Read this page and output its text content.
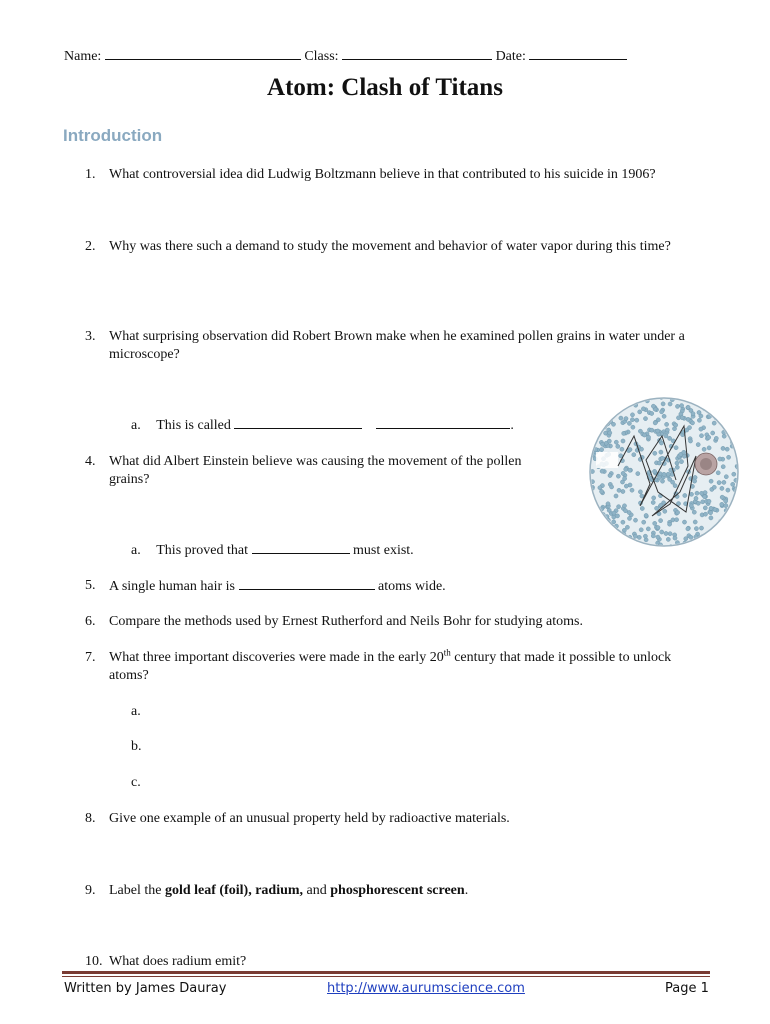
Name:	Class:	Date:
Atom: Clash of Titans
Introduction
1. What controversial idea did Ludwig Boltzmann believe in that contributed to his suicide in 1906?
2. Why was there such a demand to study the movement and behavior of water vapor during this time?
3. What surprising observation did Robert Brown make when he examined pollen grains in water under a microscope?
a. This is called	.
4. What did Albert Einstein believe was causing the movement of the pollen grains?
a. This proved that	must exist.
5. A single human hair is	atoms wide.
6. Compare the methods used by Ernest Rutherford and Neils Bohr for studying atoms.
7. What three important discoveries were made in the early 20th century that made it possible to unlock atoms?
a.
b.
c.
8. Give one example of an unusual property held by radioactive materials.
9. Label the gold leaf (foil), radium, and phosphorescent screen.
10. What does radium emit?
Written by James Dauray	http://www.aurumscience.com	Page 1
